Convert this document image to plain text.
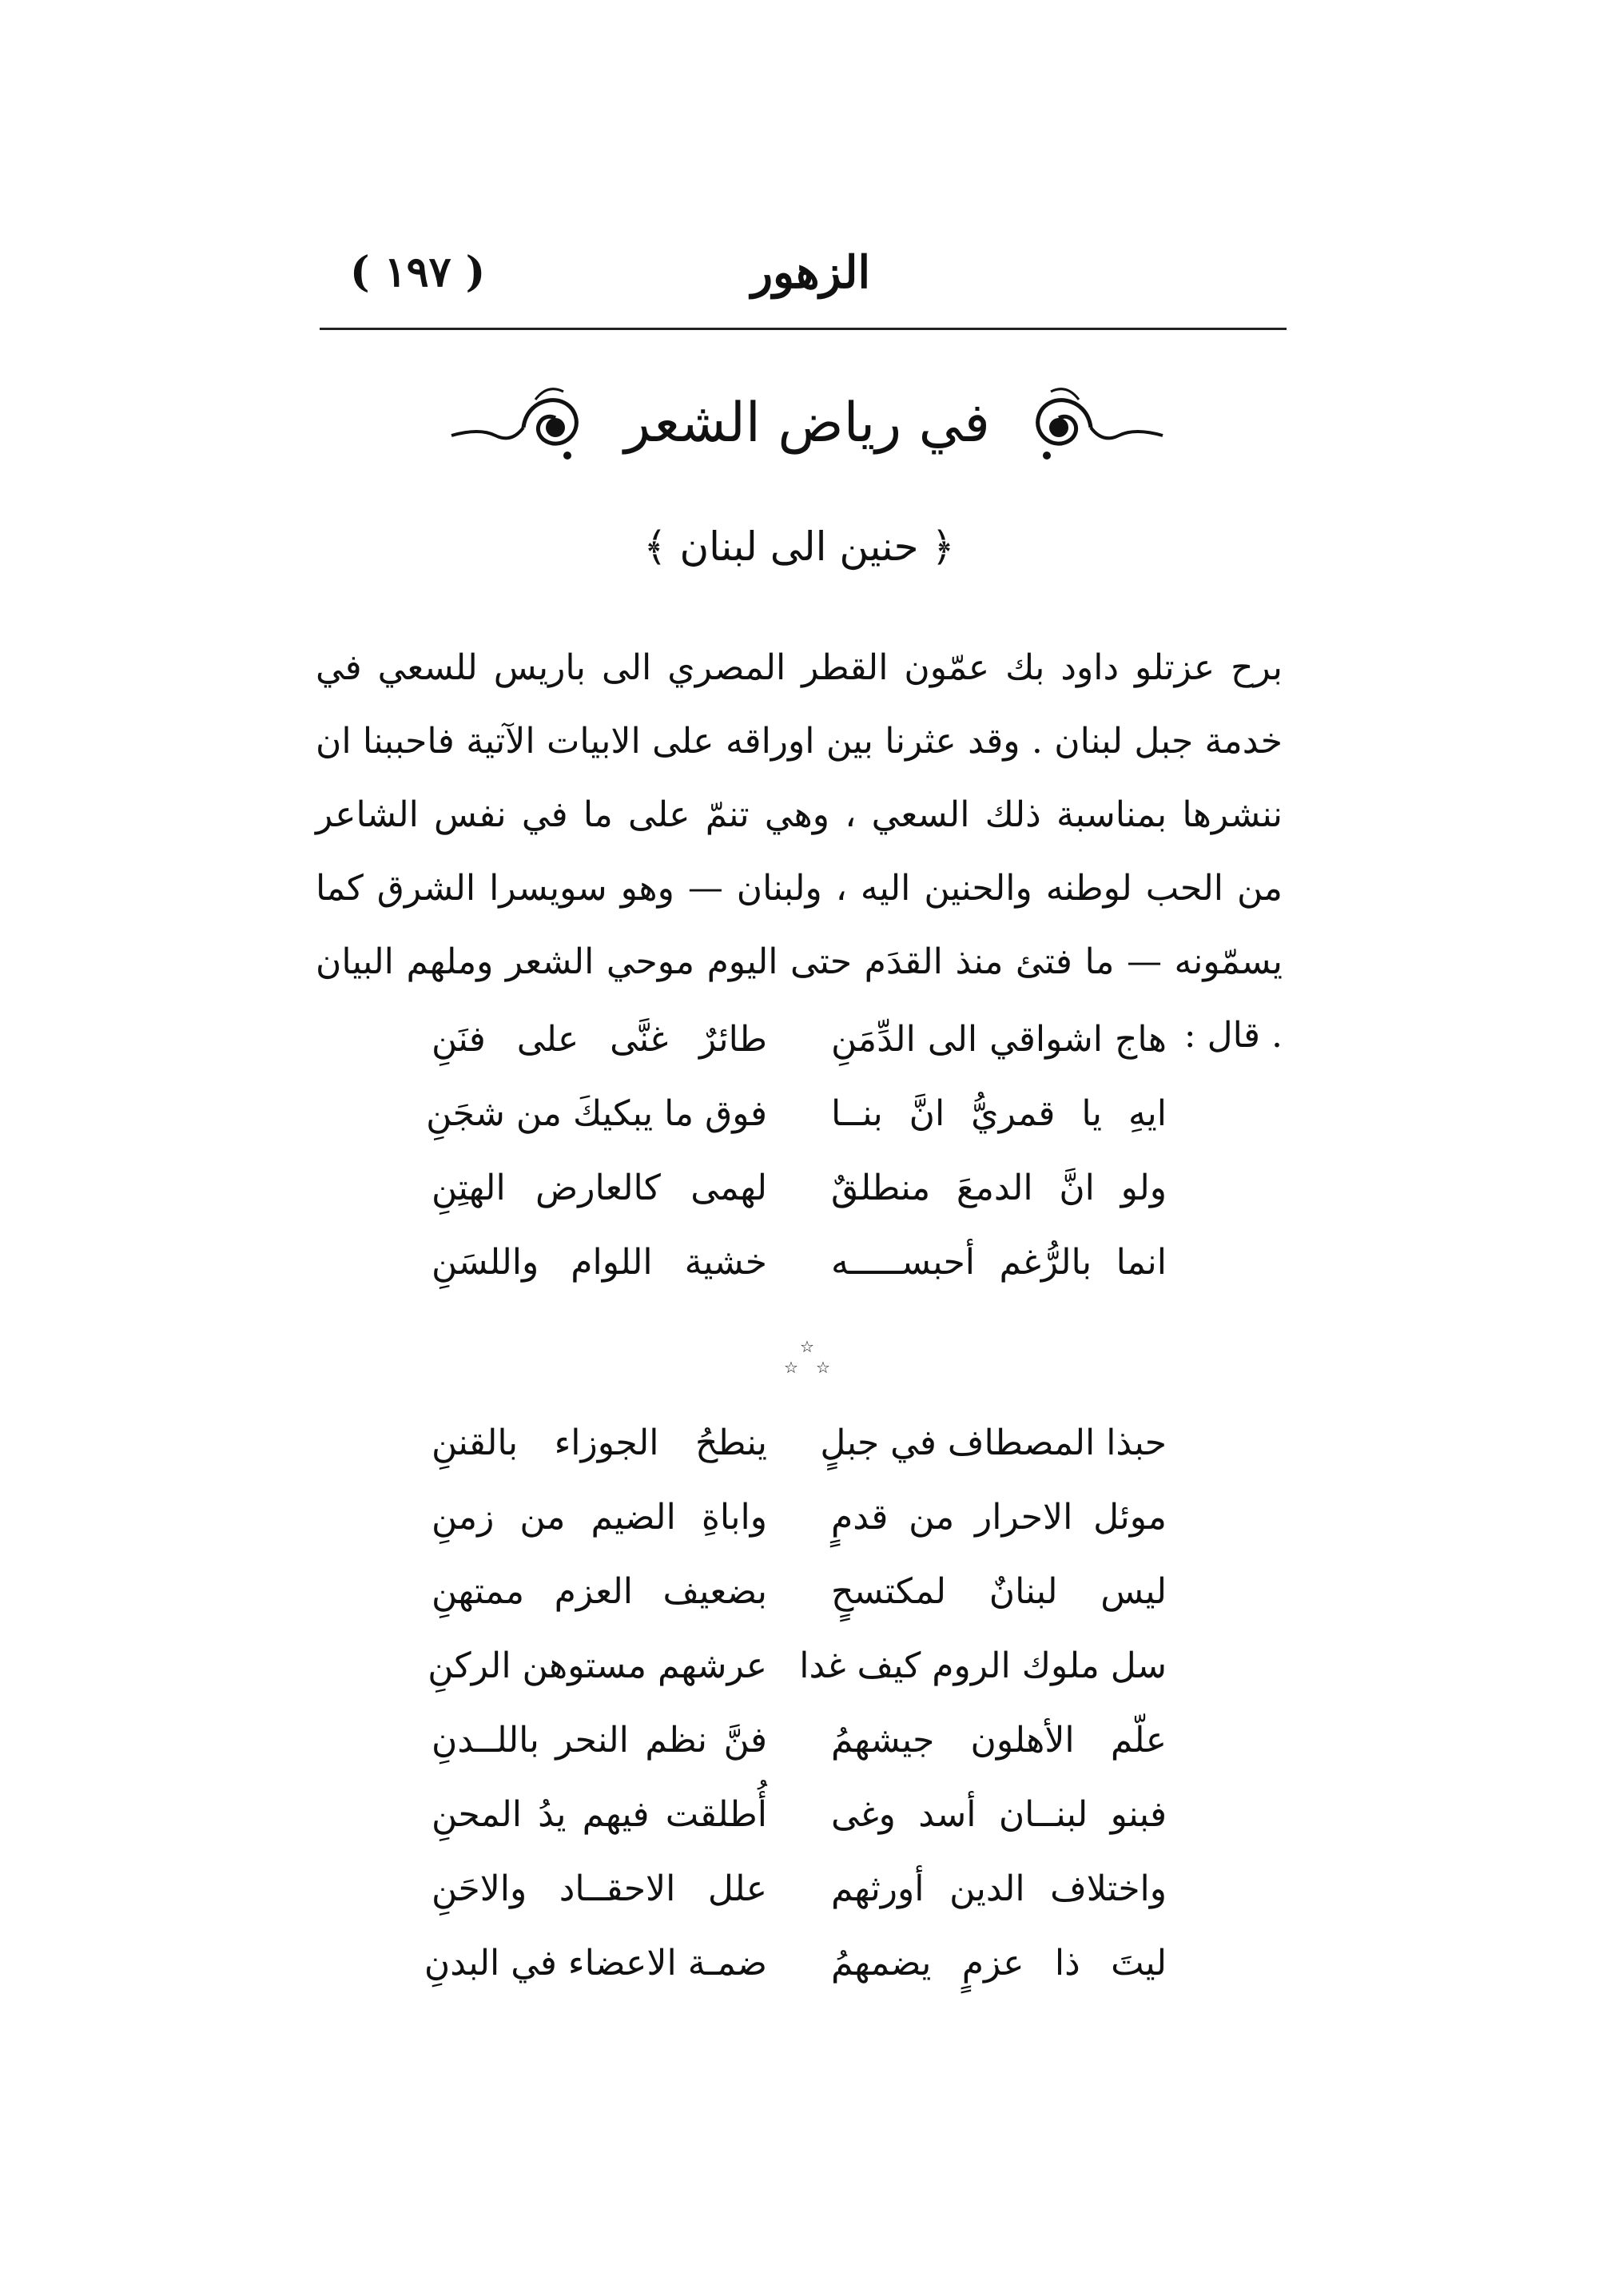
( ١٩٧ )	الزهور
في رياض الشعر
﴿ حنين الى لبنان ﴾
برح عزتلو داود بك عمّون القطر المصري الى باريس للسعي في خدمة جبل لبنان . وقد عثرنا بين اوراقه على الابيات الآتية فاحببنا ان ننشرها بمناسبة ذلك السعي ، وهي تنمّ على ما في نفس الشاعر من الحب لوطنه والحنين اليه ، ولبنان — وهو سويسرا الشرق كما يسمّونه — ما فتئ منذ القدَم حتى اليوم موحي الشعر وملهم البيان . قال :
هاج اشواقي الى الدِّمَنِ
طائرٌ غنَّى على فنَنِ
ايهِ يا قمريُّ انَّ بنــا
فوق ما يبكيكَ من شجَنِ
ولو انَّ الدمعَ منطلقٌ
لهمى كالعارض الهتِنِ
انما بالرُّغم أحبســـــه
خشية اللوام واللسَنِ
☆
☆ ☆
حبذا المصطاف في جبلٍ
ينطحُ الجوزاء بالقننِ
موئل الاحرار من قدمٍ
واباةِ الضيم من زمنِ
ليس لبنانٌ لمكتسحٍ
بضعيف العزم ممتهنِ
سل ملوك الروم كيف غدا
عرشهم مستوهن الركنِ
علّم الأهلون جيشهمُ
فنَّ نظم النحر باللــدنِ
فبنو لبنــان أسد وغى
أُطلقت فيهم يدُ المحنِ
واختلاف الدين أورثهم
علل الاحقــاد والاحَنِ
ليتَ ذا عزمٍ يضمهمُ
ضمـة الاعضاء في البدنِ
